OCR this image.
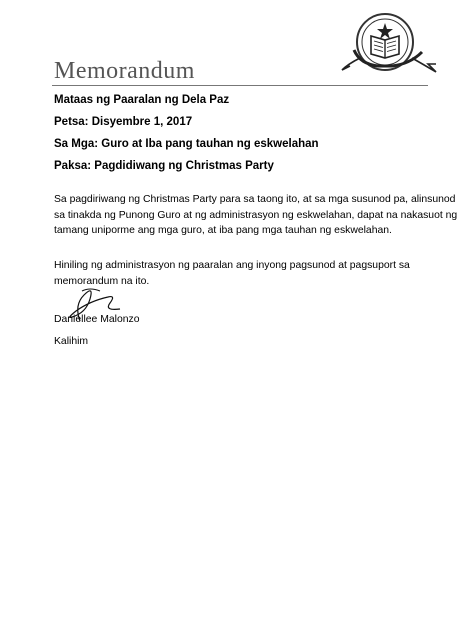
Memorandum
Mataas ng Paaralan ng Dela Paz
Petsa: Disyembre 1, 2017
Sa Mga: Guro at Iba pang tauhan ng eskwelahan
Paksa: Pagdidiwang ng Christmas Party
Sa pagdiriwang ng Christmas Party para sa taong ito, at sa mga susunod pa, alinsunod
sa tinakda ng Punong Guro at ng administrasyon ng eskwelahan, dapat na nakasuot ng
tamang uniporme ang mga guro, at iba pang mga tauhan ng eskwelahan.
Hiniling ng administrasyon ng paaralan ang inyong pagsunod at pagsuport sa
memorandum na ito.
Daniellee Malonzo
Kalihim
